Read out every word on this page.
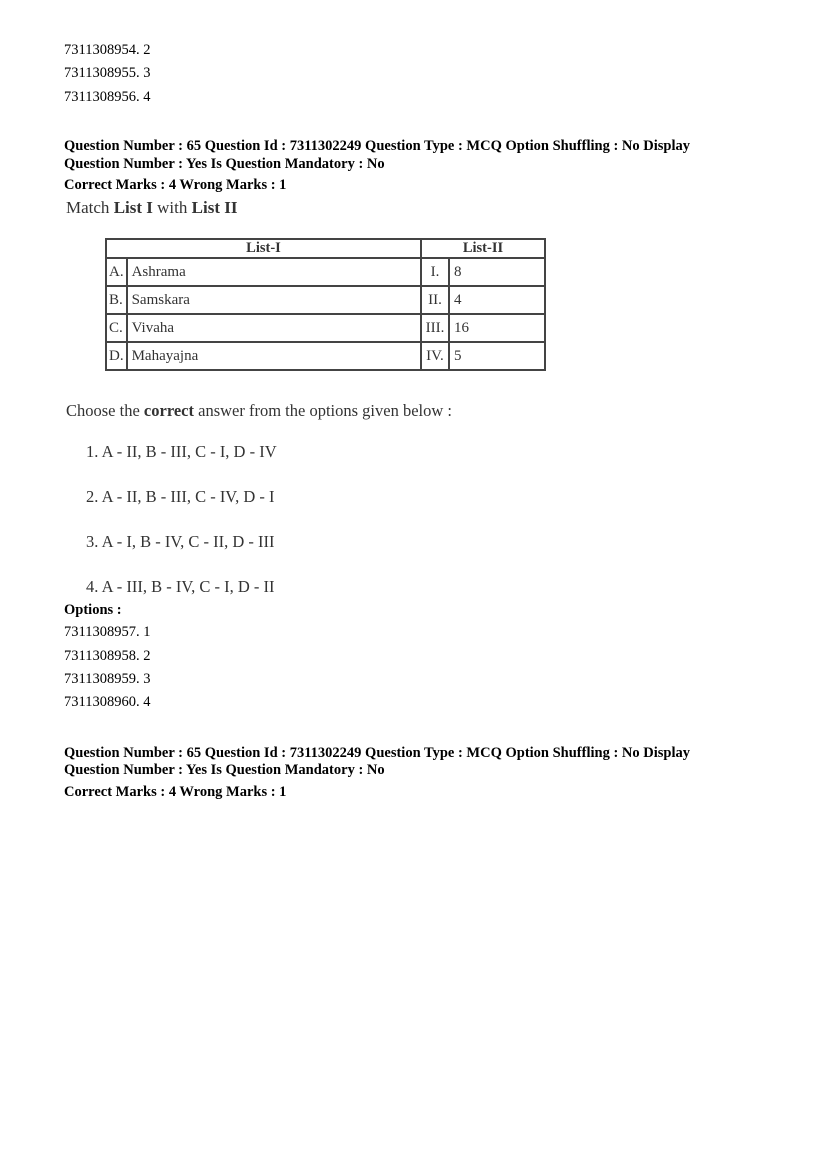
7311308954. 2
7311308955. 3
7311308956. 4
Question Number : 65 Question Id : 7311302249 Question Type : MCQ Option Shuffling : No Display
Question Number : Yes Is Question Mandatory : No
Correct Marks : 4 Wrong Marks : 1
Match List I with List II
List-I		List-II	
A.	Ashrama	I.	8
B.	Samskara	II.	4
C.	Vivaha	III.	16
D.	Mahayajna	IV.	5
Choose the correct answer from the options given below :
1. A - II, B - III, C - I, D - IV
2. A - II, B - III, C - IV, D - I
3. A - I, B - IV, C - II, D - III
4. A - III, B - IV, C - I, D - II
Options :
7311308957. 1
7311308958. 2
7311308959. 3
7311308960. 4
Question Number : 65 Question Id : 7311302249 Question Type : MCQ Option Shuffling : No Display
Question Number : Yes Is Question Mandatory : No
Correct Marks : 4 Wrong Marks : 1
